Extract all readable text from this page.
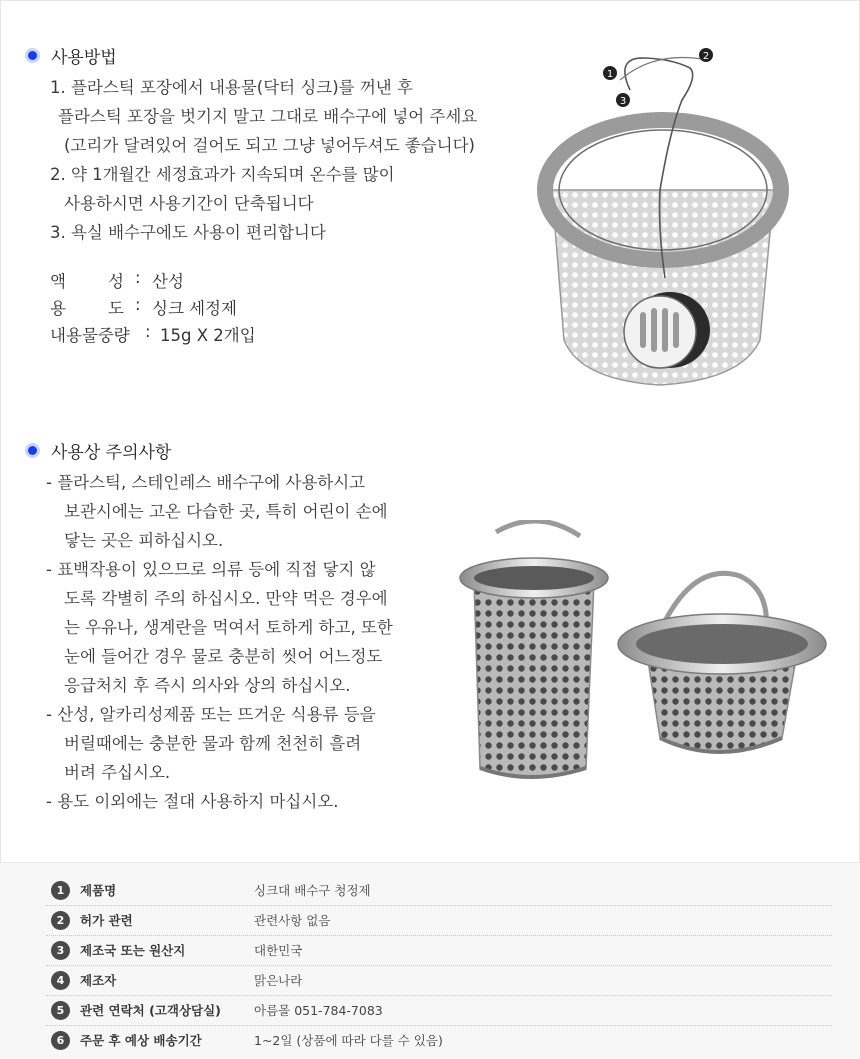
사용방법
1. 플라스틱 포장에서 내용물(닥터 싱크)를 꺼낸 후
플라스틱 포장을 벗기지 말고 그대로 배수구에 넣어 주세요
(고리가 달려있어 걸어도 되고 그냥 넣어두셔도 좋습니다)
2. 약 1개월간 세정효과가 지속되며 온수를 많이
사용하시면 사용기간이 단축됩니다
3. 욕실 배수구에도 사용이 편리합니다
액	성 : 산성
용	도 : 싱크 세정제
내용물중량 : 15g X 2개입
1
2
3
사용상 주의사항
- 플라스틱, 스테인레스 배수구에 사용하시고
보관시에는 고온 다습한 곳, 특히 어린이 손에
닿는 곳은 피하십시오.
- 표백작용이 있으므로 의류 등에 직접 닿지 않
도록 각별히 주의 하십시오. 만약 먹은 경우에
는 우유나, 생계란을 먹여서 토하게 하고, 또한
눈에 들어간 경우 물로 충분히 씻어 어느정도
응급처치 후 즉시 의사와 상의 하십시오.
- 산성, 알카리성제품 또는 뜨거운 식용류 등을
버릴때에는 충분한 물과 함께 천천히 흘려
버려 주십시오.
- 용도 이외에는 절대 사용하지 마십시오.
1	제품명	싱크대 배수구 청정제
2	허가 관련	관련사항 없음
3	제조국 또는 원산지	대한민국
4	제조자	맑은나라
5	관련 연락처 (고객상담실)	아름몰 051-784-7083
6	주문 후 예상 배송기간	1~2일 (상품에 따라 다를 수 있음)
